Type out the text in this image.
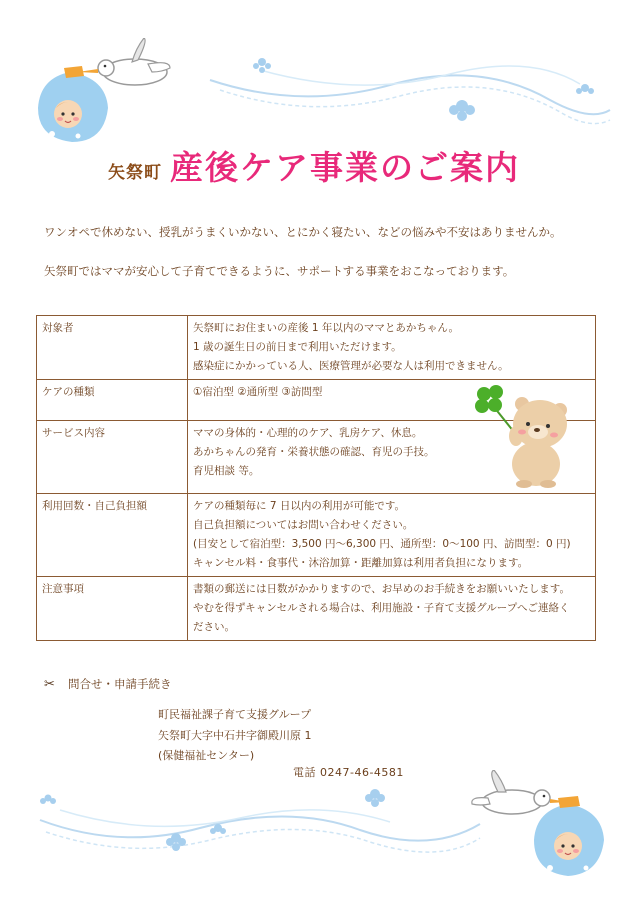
矢祭町 産後ケア事業のご案内
ワンオペで休めない、授乳がうまくいかない、とにかく寝たい、などの悩みや不安はありませんか。
矢祭町ではママが安心して子育てできるように、サポートする事業をおこなっております。
対象者	矢祭町にお住まいの産後 1 年以内のママとあかちゃん。
1 歳の誕生日の前日まで利用いただけます。
感染症にかかっている人、医療管理が必要な人は利用できません。

ケアの種類	①宿泊型 ②通所型 ③訪問型

サービス内容	ママの身体的・心理的のケア、乳房ケア、休息。
あかちゃんの発育・栄養状態の確認、育児の手技。
育児相談 等。

利用回数・自己負担額	ケアの種類毎に 7 日以内の利用が可能です。
自己負担額についてはお問い合わせください。
(目安として宿泊型：3,500 円～6,300 円、通所型：0～100 円、訪問型：0 円)
キャンセル料・食事代・沐浴加算・距離加算は利用者負担になります。

注意事項	書類の郵送には日数がかかりますので、お早めのお手続きをお願いいたします。
やむを得ずキャンセルされる場合は、利用施設・子育て支援グループへご連絡く
ださい。
✂ 問合せ・申請手続き
町民福祉課子育て支援グループ
矢祭町大字中石井字御殿川原 1
(保健福祉センター)
電話 0247-46-4581
